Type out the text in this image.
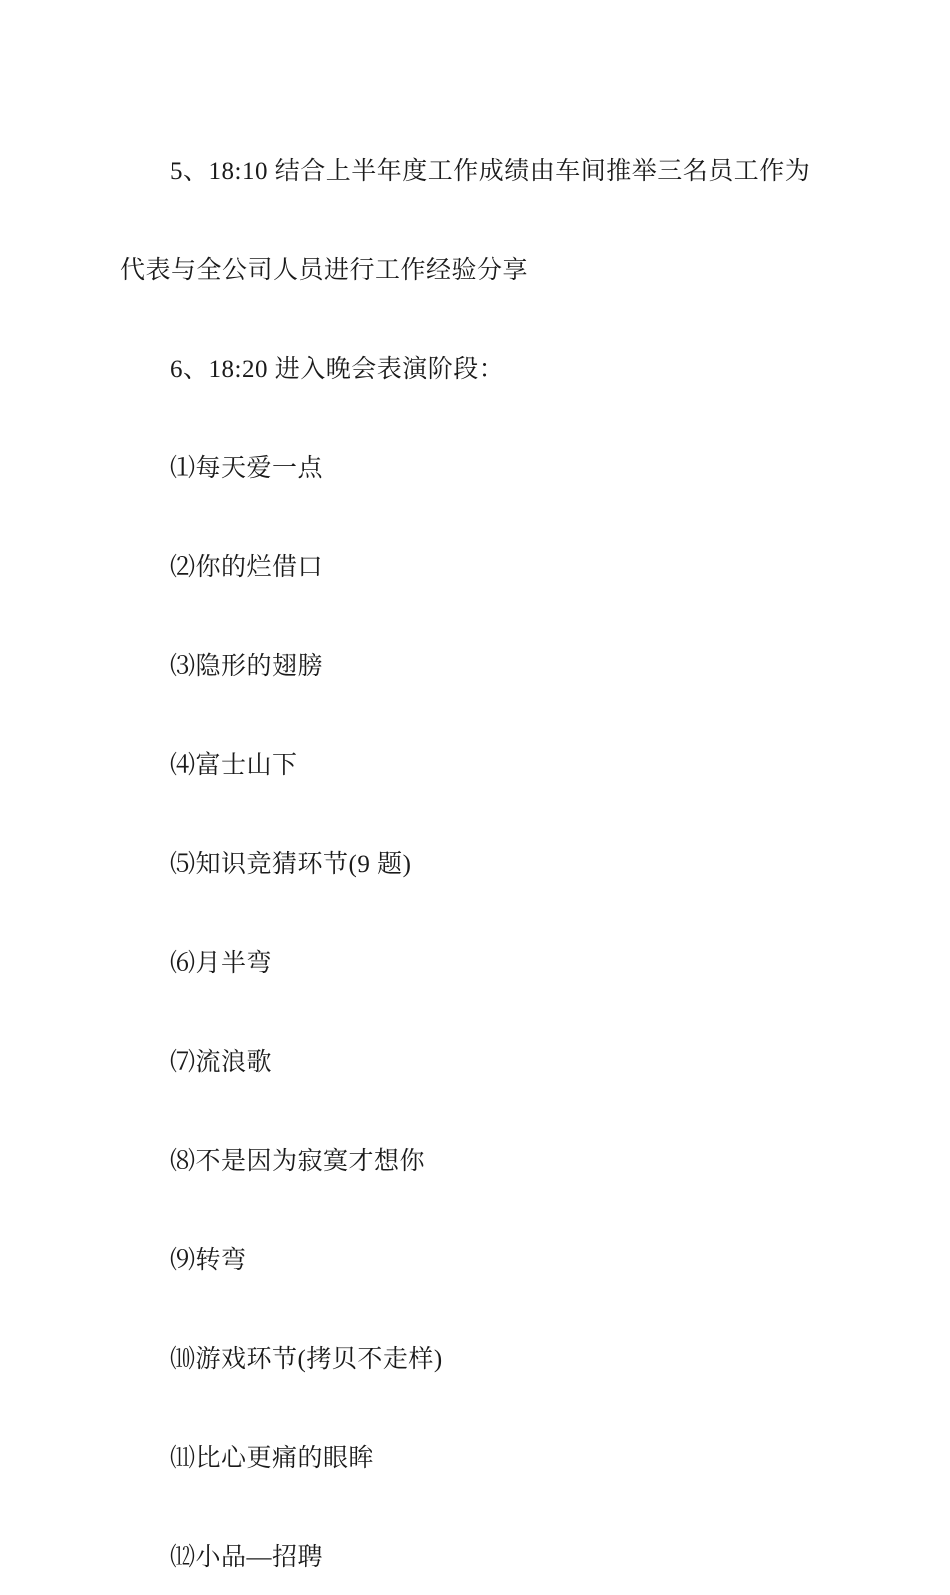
5、18:10 结合上半年度工作成绩由车间推举三名员工作为

代表与全公司人员进行工作经验分享

6、18:20 进入晚会表演阶段：

⑴每天爱一点

⑵你的烂借口

⑶隐形的翅膀

⑷富士山下

⑸知识竞猜环节(9 题)

⑹月半弯

⑺流浪歌

⑻不是因为寂寞才想你

⑼转弯

⑽游戏环节(拷贝不走样)

⑾比心更痛的眼眸

⑿小品—招聘
